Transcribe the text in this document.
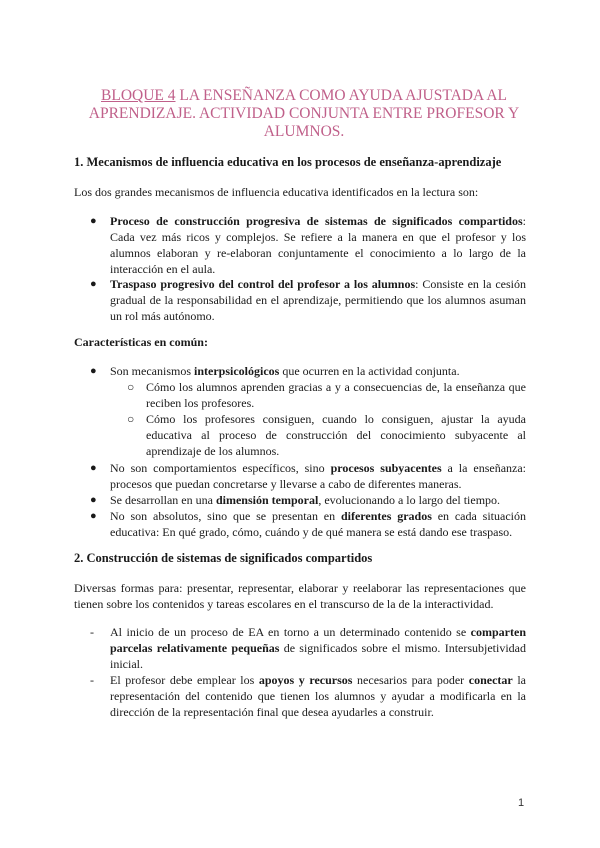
BLOQUE 4 LA ENSEÑANZA COMO AYUDA AJUSTADA AL APRENDIZAJE. ACTIVIDAD CONJUNTA ENTRE PROFESOR Y ALUMNOS.
1. Mecanismos de influencia educativa en los procesos de enseñanza-aprendizaje
Los dos grandes mecanismos de influencia educativa identificados en la lectura son:
● Proceso de construcción progresiva de sistemas de significados compartidos: Cada vez más ricos y complejos. Se refiere a la manera en que el profesor y los alumnos elaboran y re-elaboran conjuntamente el conocimiento a lo largo de la interacción en el aula.
● Traspaso progresivo del control del profesor a los alumnos: Consiste en la cesión gradual de la responsabilidad en el aprendizaje, permitiendo que los alumnos asuman un rol más autónomo.
Características en común:
● Son mecanismos interpsicológicos que ocurren en la actividad conjunta.
○ Cómo los alumnos aprenden gracias a y a consecuencias de, la enseñanza que reciben los profesores.
○ Cómo los profesores consiguen, cuando lo consiguen, ajustar la ayuda educativa al proceso de construcción del conocimiento subyacente al aprendizaje de los alumnos.
● No son comportamientos específicos, sino procesos subyacentes a la enseñanza: procesos que puedan concretarse y llevarse a cabo de diferentes maneras.
● Se desarrollan en una dimensión temporal, evolucionando a lo largo del tiempo.
● No son absolutos, sino que se presentan en diferentes grados en cada situación educativa: En qué grado, cómo, cuándo y de qué manera se está dando ese traspaso.
2. Construcción de sistemas de significados compartidos
Diversas formas para: presentar, representar, elaborar y reelaborar las representaciones que tienen sobre los contenidos y tareas escolares en el transcurso de la de la interactividad.
- Al inicio de un proceso de EA en torno a un determinado contenido se comparten parcelas relativamente pequeñas de significados sobre el mismo. Intersubjetividad inicial.
- El profesor debe emplear los apoyos y recursos necesarios para poder conectar la representación del contenido que tienen los alumnos y ayudar a modificarla en la dirección de la representación final que desea ayudarles a construir.
1
